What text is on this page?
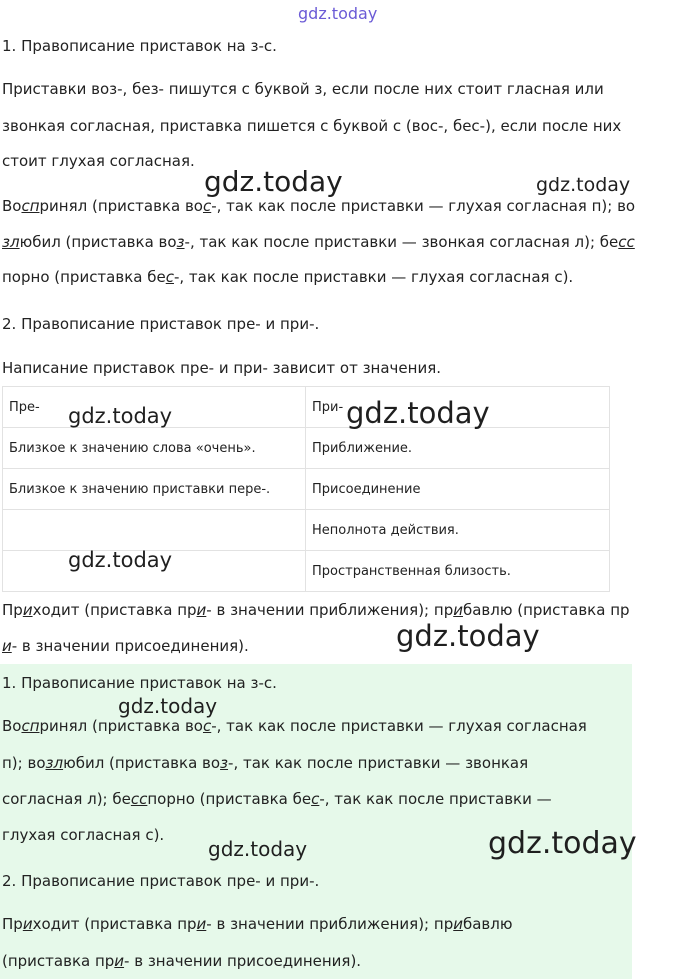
gdz.today
1. Правописание приставок на з-с.
Приставки воз-, без- пишутся с буквой з, если после них стоит гласная или
звонкая согласная, приставка пишется с буквой с (вос-, бес-), если после них
стоит глухая согласная.
Воспринял (приставка вос-, так как после приставки — глухая согласная п); во
злюбил (приставка воз-, так как после приставки — звонкая согласная л); бесс
порно (приставка бес-, так как после приставки — глухая согласная с).
2. Правописание приставок пре- и при-.
Написание приставок пре- и при- зависит от значения.
Пре-	При-
Близкое к значению слова «очень».	Приближение.
Близкое к значению приставки пере-.	Присоединение
	Неполнота действия.
	Пространственная близость.
Приходит (приставка при- в значении приближения); прибавлю (приставка пр
и- в значении присоединения).
1. Правописание приставок на з-с.
Воспринял (приставка вос-, так как после приставки — глухая согласная
п); возлюбил (приставка воз-, так как после приставки — звонкая
согласная л); бесспорно (приставка бес-, так как после приставки —
глухая согласная с).
2. Правописание приставок пре- и при-.
Приходит (приставка при- в значении приближения); прибавлю
(приставка при- в значении присоединения).
gdz.today	gdz.today
gdz.today	gdz.today
gdz.today
gdz.today
gdz.today
gdz.today	gdz.today
